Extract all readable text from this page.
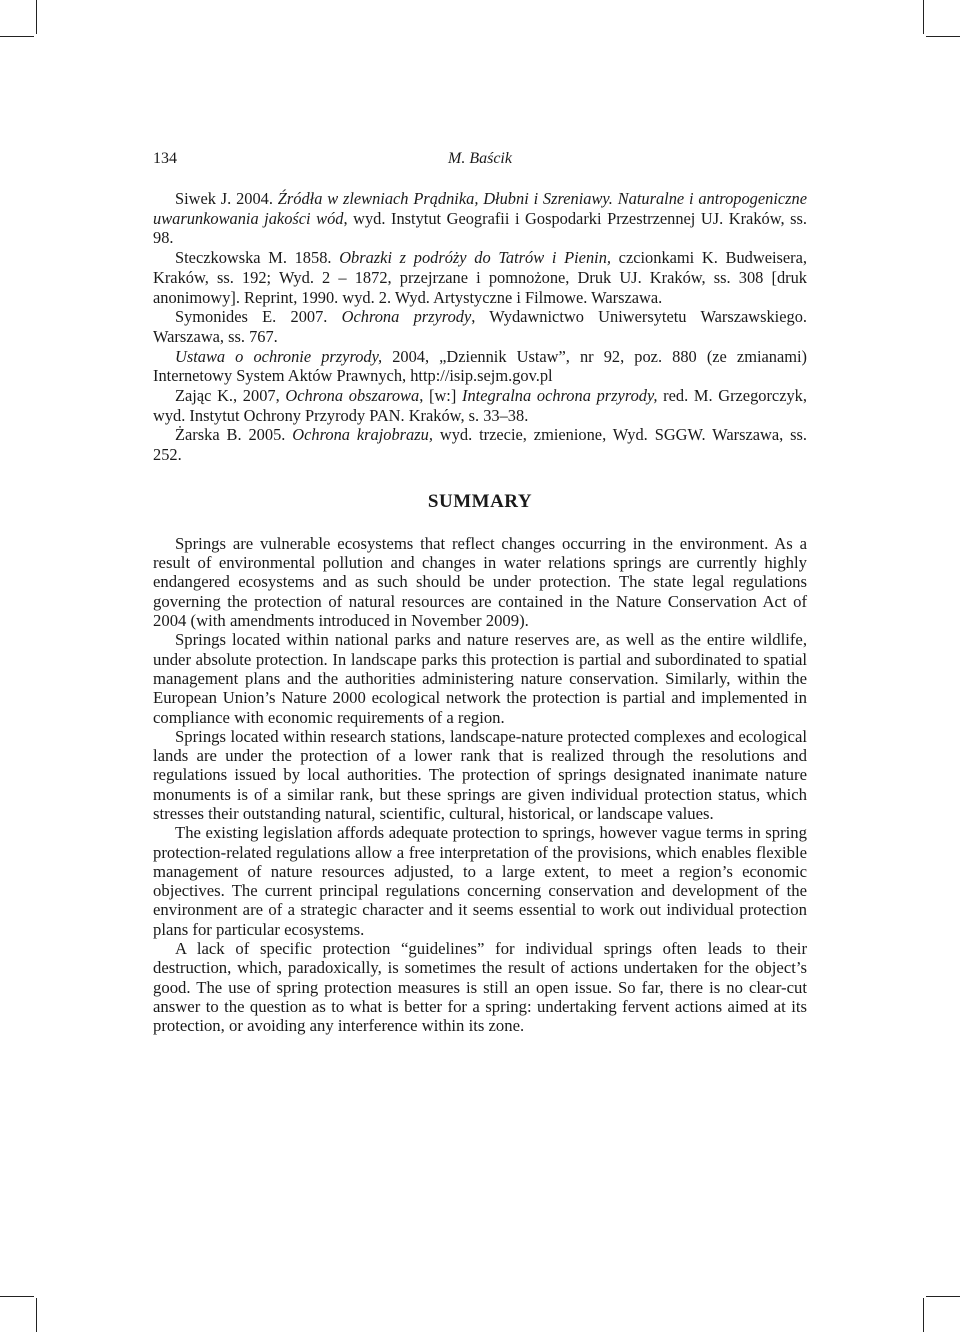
134	M. Baścik
Siwek J. 2004. Źródła w zlewniach Prądnika, Dłubni i Szreniawy. Naturalne i antropogeniczne uwarunkowania jakości wód, wyd. Instytut Geografii i Gospodarki Przestrzennej UJ. Kraków, ss. 98.
Steczkowska M. 1858. Obrazki z podróży do Tatrów i Pienin, czcionkami K. Budweisera, Kraków, ss. 192; Wyd. 2 – 1872, przejrzane i pomnożone, Druk UJ. Kraków, ss. 308 [druk anonimowy]. Reprint, 1990. wyd. 2. Wyd. Artystyczne i Filmowe. Warszawa.
Symonides E. 2007. Ochrona przyrody, Wydawnictwo Uniwersytetu Warszawskiego. Warszawa, ss. 767.
Ustawa o ochronie przyrody, 2004, „Dziennik Ustaw”, nr 92, poz. 880 (ze zmianami) Internetowy System Aktów Prawnych, http://isip.sejm.gov.pl
Zając K., 2007, Ochrona obszarowa, [w:] Integralna ochrona przyrody, red. M. Grzegorczyk, wyd. Instytut Ochrony Przyrody PAN. Kraków, s. 33–38.
Żarska B. 2005. Ochrona krajobrazu, wyd. trzecie, zmienione, Wyd. SGGW. Warszawa, ss. 252.
SUMMARY

Springs are vulnerable ecosystems that reflect changes occurring in the environment. As a result of environmental pollution and changes in water relations springs are currently highly endangered ecosystems and as such should be under protection. The state legal regulations governing the protection of natural resources are contained in the Nature Conservation Act of 2004 (with amendments introduced in November 2009).

Springs located within national parks and nature reserves are, as well as the entire wildlife, under absolute protection. In landscape parks this protection is partial and subordinated to spatial management plans and the authorities administering nature conservation. Similarly, within the European Union’s Nature 2000 ecological network the protection is partial and implemented in compliance with economic requirements of a region.

Springs located within research stations, landscape-nature protected complexes and ecological lands are under the protection of a lower rank that is realized through the resolutions and regulations issued by local authorities. The protection of springs designated inanimate nature monuments is of a similar rank, but these springs are given individual protection status, which stresses their outstanding natural, scientific, cultural, historical, or landscape values.

The existing legislation affords adequate protection to springs, however vague terms in spring protection-related regulations allow a free interpretation of the provisions, which enables flexible management of nature resources adjusted, to a large extent, to meet a region’s economic objectives. The current principal regulations concerning conservation and development of the environment are of a strategic character and it seems essential to work out individual protection plans for particular ecosystems.

A lack of specific protection “guidelines” for individual springs often leads to their destruction, which, paradoxically, is sometimes the result of actions undertaken for the object’s good. The use of spring protection measures is still an open issue. So far, there is no clear-cut answer to the question as to what is better for a spring: undertaking fervent actions aimed at its protection, or avoiding any interference within its zone.
